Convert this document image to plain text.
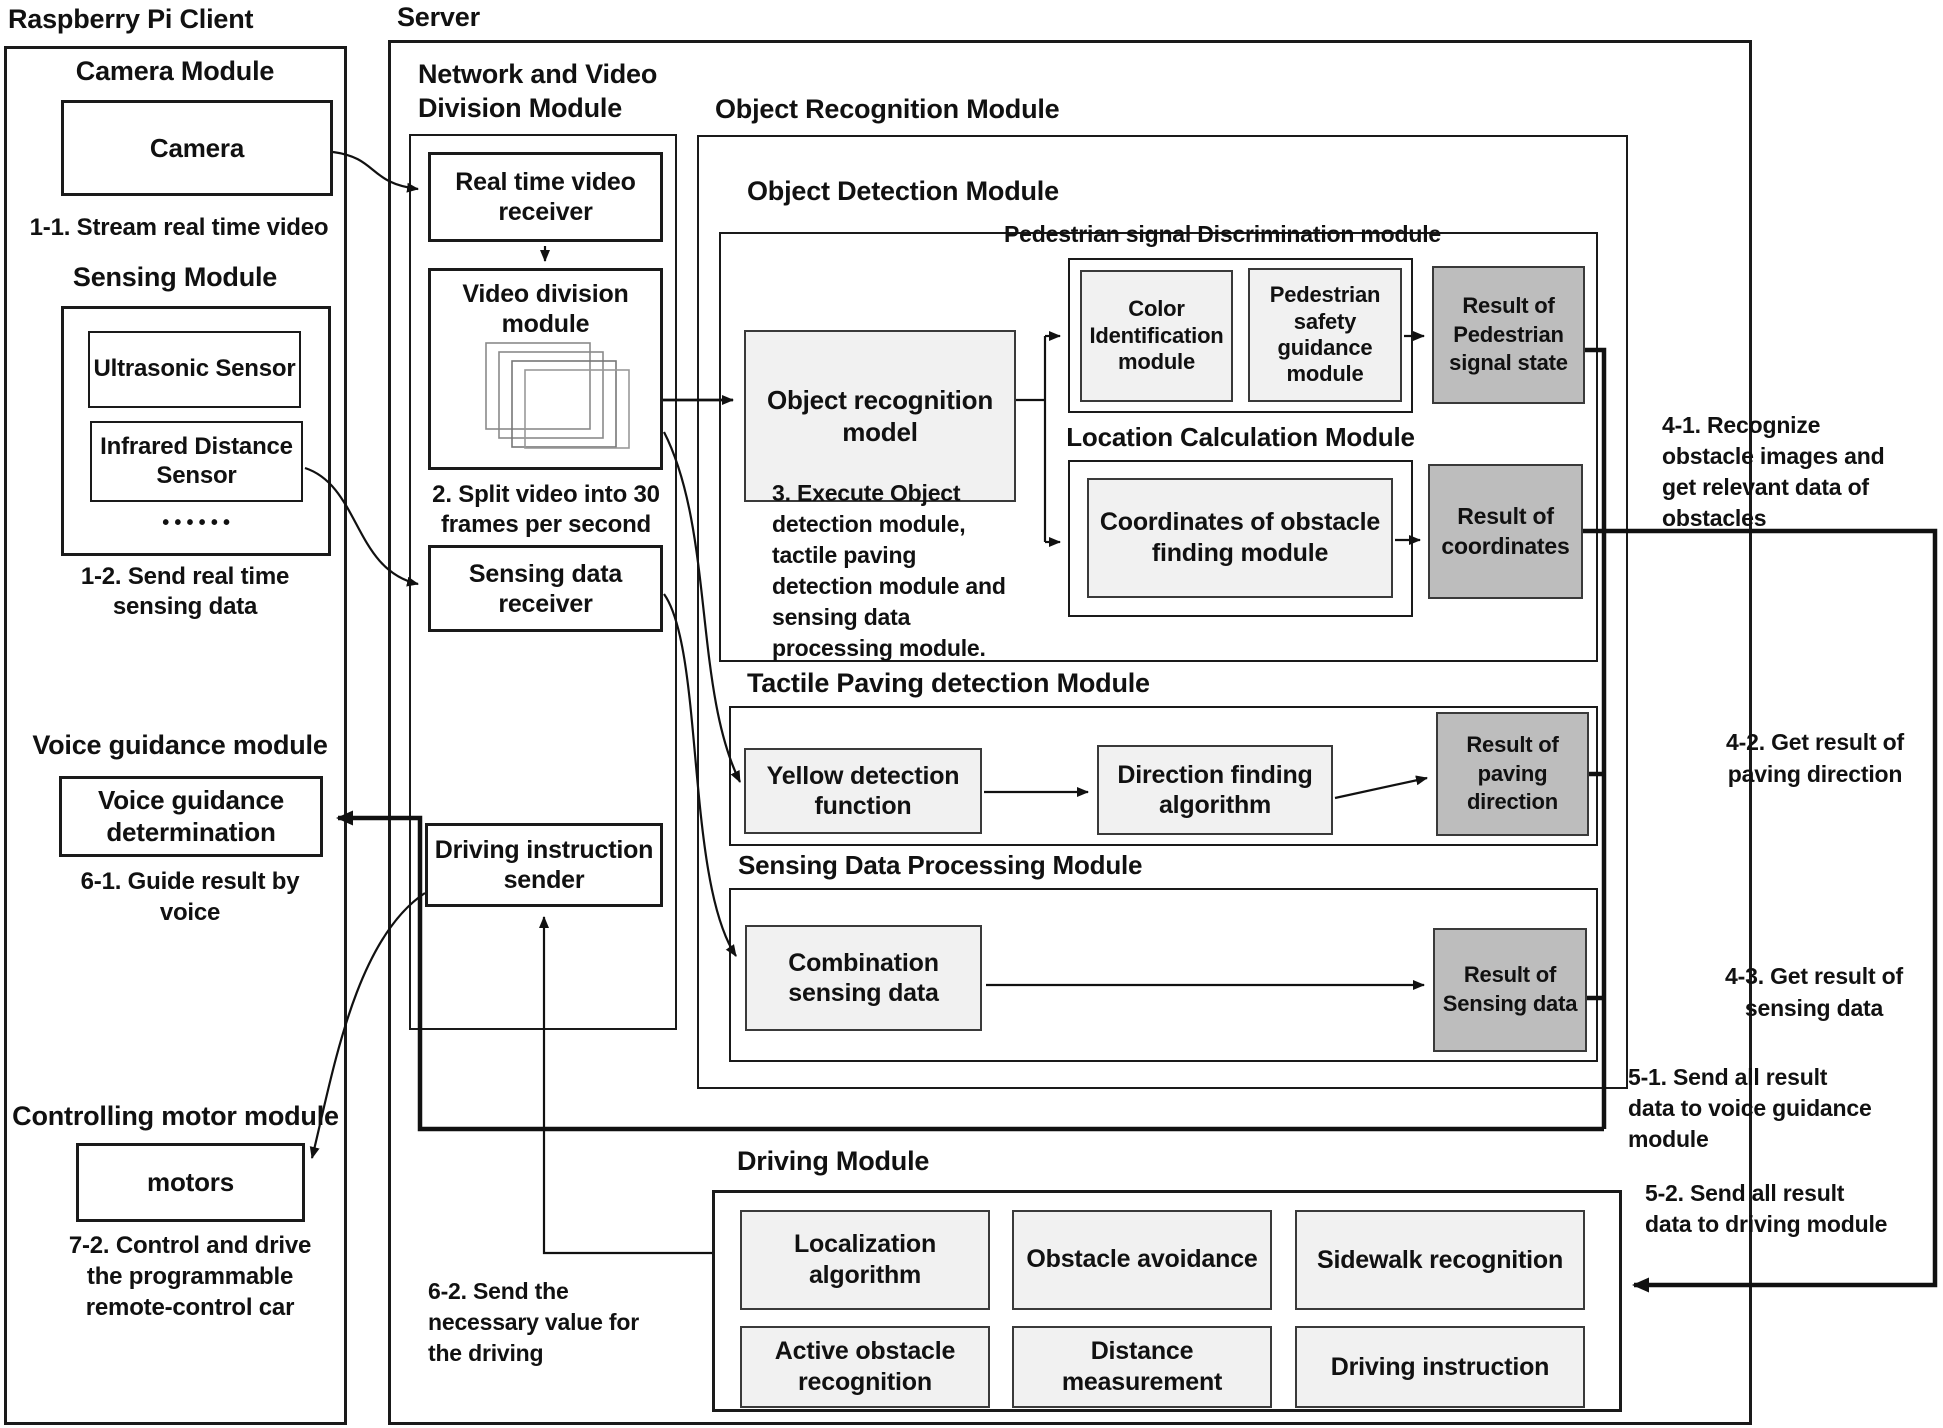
Raspberry Pi Client
Camera Module
Camera
1-1. Stream real time video
Sensing Module
Ultrasonic Sensor
Infrared Distance Sensor
• • • • • •
1-2. Send real time sensing data
Voice guidance module
Voice guidance determination
6-1. Guide result by voice
Controlling motor module
motors
7-2. Control and drive the programmable remote-control car
Server
Network and Video Division Module
Real time video receiver
Video division module
2. Split video into 30 frames per second
Sensing data receiver
Driving instruction sender
Object Recognition Module
Object Detection Module
Pedestrian signal Discrimination module
Color Identification module
Pedestrian safety guidance module
Result of Pedestrian signal state
Object recognition model	Location Calculation Module
Coordinates of obstacle finding module
Result of coordinates
3. Execute Object detection module, tactile paving detection module and sensing data processing module.
Tactile Paving detection Module
Yellow detection function
Direction finding algorithm
Result of paving direction
Sensing Data Processing Module
Combination sensing data
Result of Sensing data
Driving Module
Localization algorithm
Obstacle avoidance	Sidewalk recognition
Active obstacle recognition
Distance measurement
Driving instruction
4-1. Recognize obstacle images and get relevant data of obstacles
4-2. Get result of paving direction
4-3. Get result of sensing data
5-1. Send all result data to voice guidance module
5-2. Send all result data to driving module
6-2. Send the necessary value for the driving
